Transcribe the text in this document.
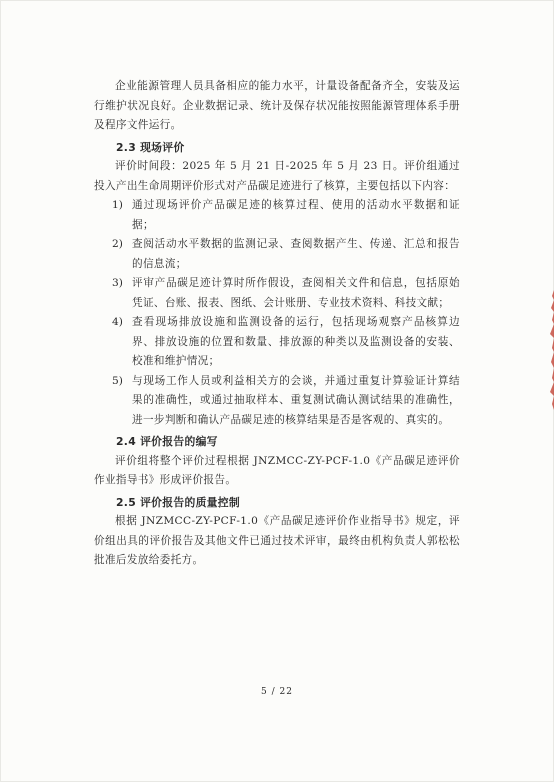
企业能源管理人员具备相应的能力水平，计量设备配备齐全，安装及运行维护状况良好。企业数据记录、统计及保存状况能按照能源管理体系手册及程序文件运行。

2.3 现场评价

评价时间段：2025 年 5 月 21 日-2025 年 5 月 23 日。评价组通过投入产出生命周期评价形式对产品碳足迹进行了核算，主要包括以下内容：

1) 通过现场评价产品碳足迹的核算过程、使用的活动水平数据和证据；

2) 查阅活动水平数据的监测记录、查阅数据产生、传递、汇总和报告的信息流；

3) 评审产品碳足迹计算时所作假设，查阅相关文件和信息，包括原始凭证、台账、报表、图纸、会计账册、专业技术资料、科技文献；

4) 查看现场排放设施和监测设备的运行，包括现场观察产品核算边界、排放设施的位置和数量、排放源的种类以及监测设备的安装、校准和维护情况；

5) 与现场工作人员或利益相关方的会谈，并通过重复计算验证计算结果的准确性，或通过抽取样本、重复测试确认测试结果的准确性，进一步判断和确认产品碳足迹的核算结果是否是客观的、真实的。

2.4 评价报告的编写

评价组将整个评价过程根据 JNZMCC-ZY-PCF-1.0《产品碳足迹评价作业指导书》形成评价报告。

2.5 评价报告的质量控制

根据 JNZMCC-ZY-PCF-1.0《产品碳足迹评价作业指导书》规定，评价组出具的评价报告及其他文件已通过技术评审，最终由机构负责人郭松松批准后发放给委托方。

5 / 22
